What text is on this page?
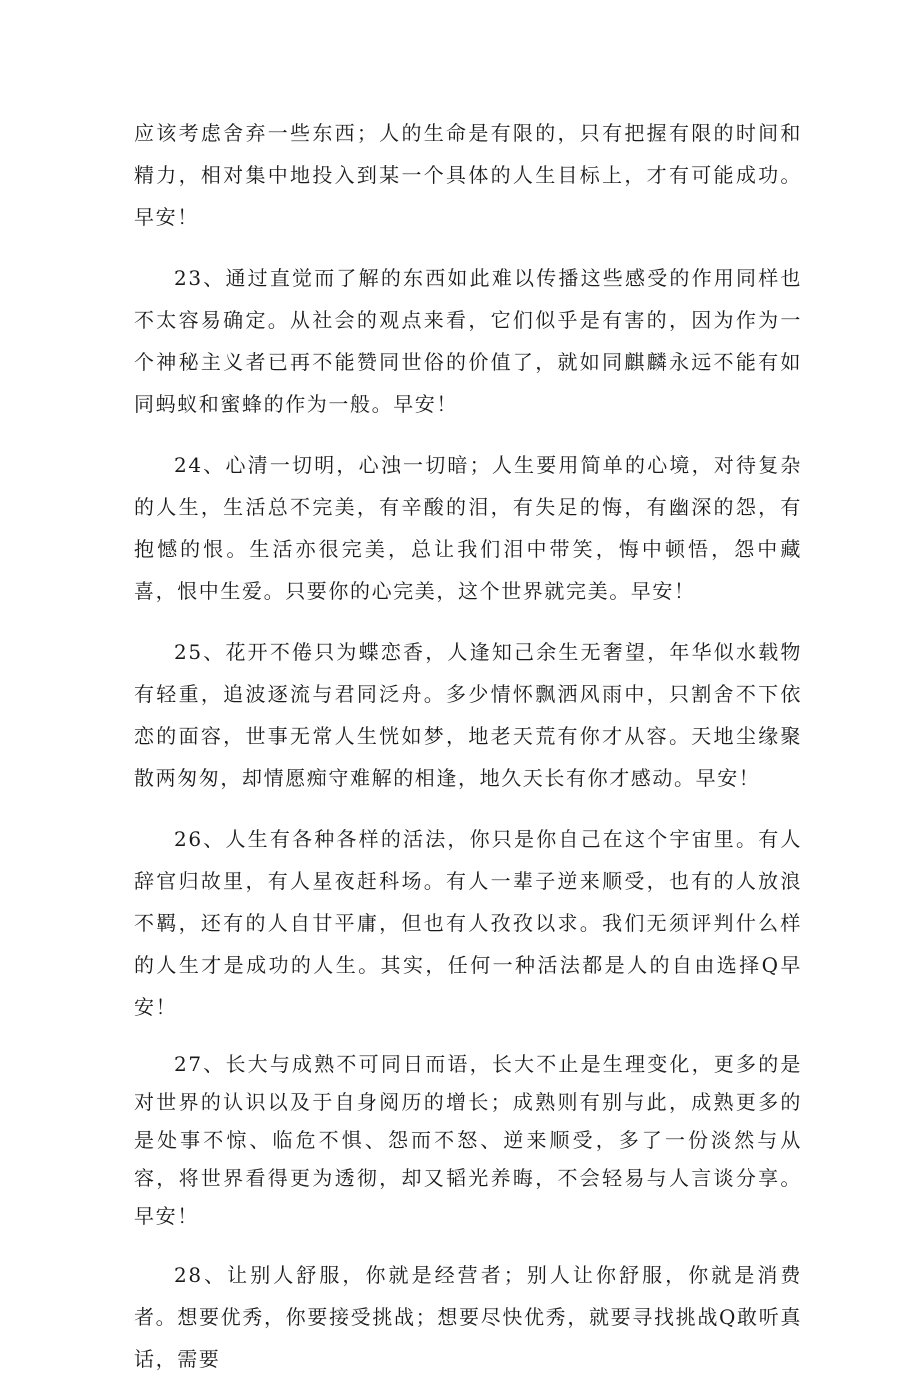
应该考虑舍弃一些东西；人的生命是有限的，只有把握有限的时间和精力，相对集中地投入到某一个具体的人生目标上，才有可能成功。早安！

23、通过直觉而了解的东西如此难以传播这些感受的作用同样也不太容易确定。从社会的观点来看，它们似乎是有害的，因为作为一个神秘主义者已再不能赞同世俗的价值了，就如同麒麟永远不能有如同蚂蚁和蜜蜂的作为一般。早安！

24、心清一切明，心浊一切暗；人生要用简单的心境，对待复杂的人生，生活总不完美，有辛酸的泪，有失足的悔，有幽深的怨，有抱憾的恨。生活亦很完美，总让我们泪中带笑，悔中顿悟，怨中藏喜，恨中生爱。只要你的心完美，这个世界就完美。早安！

25、花开不倦只为蝶恋香，人逢知己余生无奢望，年华似水载物有轻重，追波逐流与君同泛舟。多少情怀飘洒风雨中，只割舍不下依恋的面容，世事无常人生恍如梦，地老天荒有你才从容。天地尘缘聚散两匆匆，却情愿痴守难解的相逢，地久天长有你才感动。早安！

26、人生有各种各样的活法，你只是你自己在这个宇宙里。有人辞官归故里，有人星夜赶科场。有人一辈子逆来顺受，也有的人放浪不羁，还有的人自甘平庸，但也有人孜孜以求。我们无须评判什么样的人生才是成功的人生。其实，任何一种活法都是人的自由选择Q早安！

27、长大与成熟不可同日而语，长大不止是生理变化，更多的是对世界的认识以及于自身阅历的增长；成熟则有别与此，成熟更多的是处事不惊、临危不惧、怨而不怒、逆来顺受，多了一份淡然与从容，将世界看得更为透彻，却又韬光养晦，不会轻易与人言谈分享。早安！

28、让别人舒服，你就是经营者；别人让你舒服，你就是消费者。想要优秀，你要接受挑战；想要尽快优秀，就要寻找挑战Q敢听真话，需要
